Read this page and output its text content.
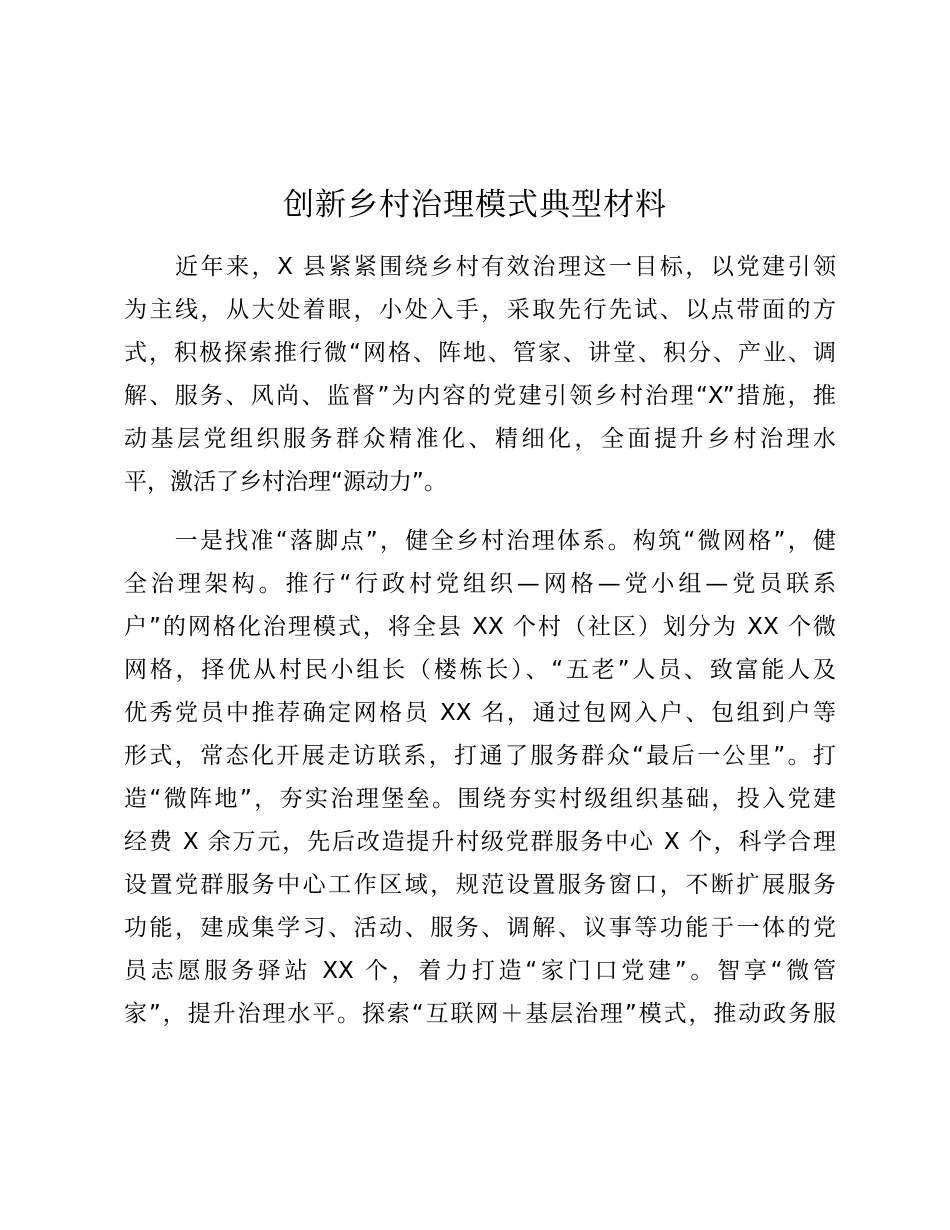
创新乡村治理模式典型材料
　　近年来，X 县紧紧围绕乡村有效治理这一目标，以党建引领
为主线，从大处着眼，小处入手，采取先行先试、以点带面的方
式，积极探索推行微“网格、阵地、管家、讲堂、积分、产业、调
解、服务、风尚、监督”为内容的党建引领乡村治理“X”措施，推
动基层党组织服务群众精准化、精细化，全面提升乡村治理水
平，激活了乡村治理“源动力”。
　　一是找准“落脚点”，健全乡村治理体系。构筑“微网格”，健
全治理架构。推行“行政村党组织—网格—党小组—党员联系
户”的网格化治理模式，将全县 XX 个村（社区）划分为 XX 个微
网格，择优从村民小组长（楼栋长）、“五老”人员、致富能人及
优秀党员中推荐确定网格员 XX 名，通过包网入户、包组到户等
形式，常态化开展走访联系，打通了服务群众“最后一公里”。打
造“微阵地”，夯实治理堡垒。围绕夯实村级组织基础，投入党建
经费 X 余万元，先后改造提升村级党群服务中心 X 个，科学合理
设置党群服务中心工作区域，规范设置服务窗口，不断扩展服务
功能，建成集学习、活动、服务、调解、议事等功能于一体的党
员志愿服务驿站 XX 个，着力打造“家门口党建”。智享“微管
家”，提升治理水平。探索“互联网＋基层治理”模式，推动政务服
